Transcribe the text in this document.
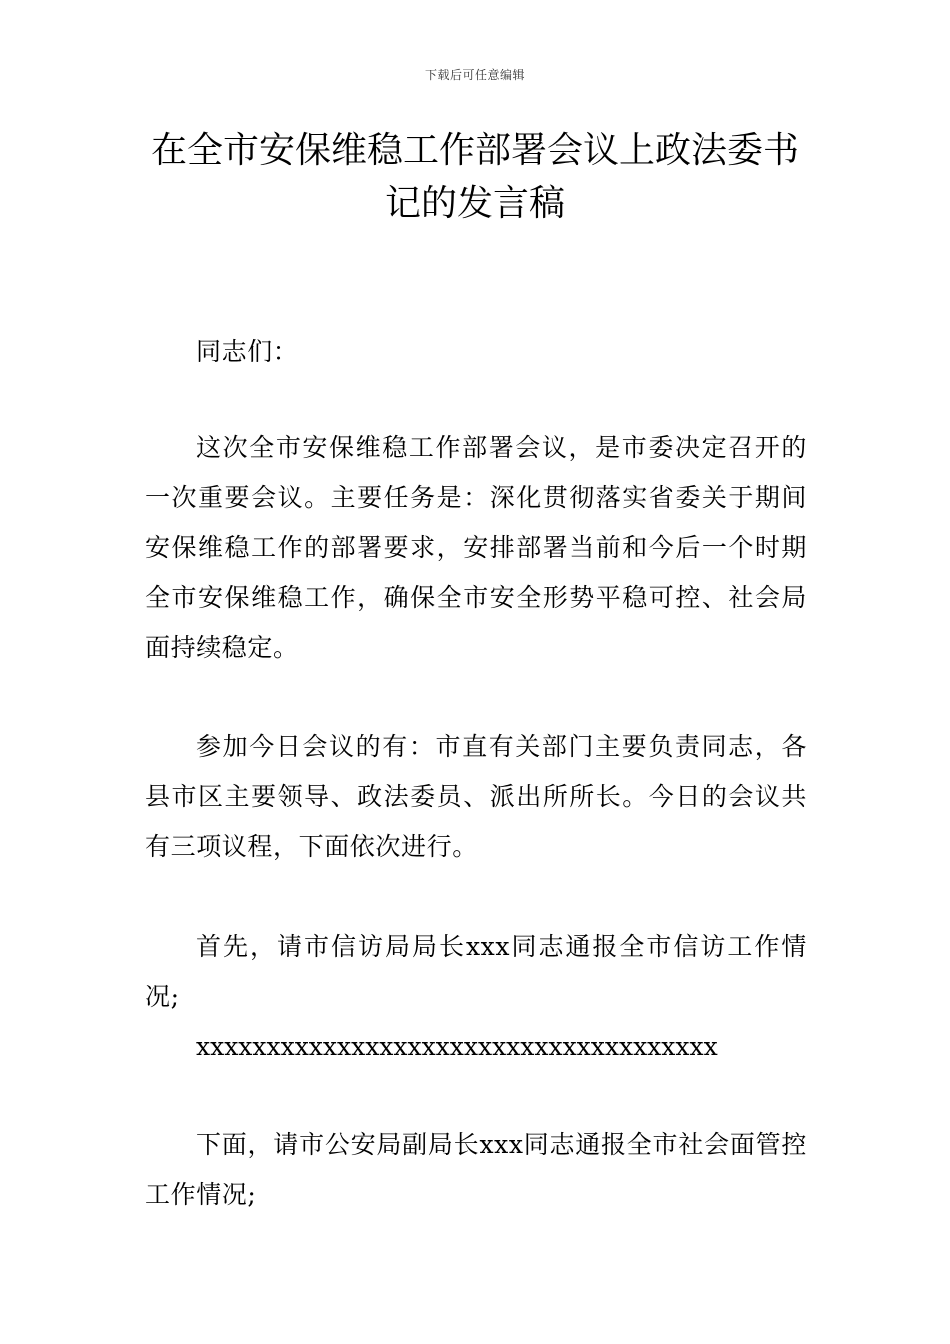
下载后可任意编辑
在全市安保维稳工作部署会议上政法委书记的发言稿

同志们：

这次全市安保维稳工作部署会议，是市委决定召开的一次重要会议。主要任务是：深化贯彻落实省委关于期间安保维稳工作的部署要求，安排部署当前和今后一个时期全市安保维稳工作，确保全市安全形势平稳可控、社会局面持续稳定。

参加今日会议的有：市直有关部门主要负责同志，各县市区主要领导、政法委员、派出所所长。今日的会议共有三项议程，下面依次进行。

首先，请市信访局局长xxx同志通报全市信访工作情况;

xxxxxxxxxxxxxxxxxxxxxxxxxxxxxxxxxxxxx

下面，请市公安局副局长xxx同志通报全市社会面管控工作情况;
